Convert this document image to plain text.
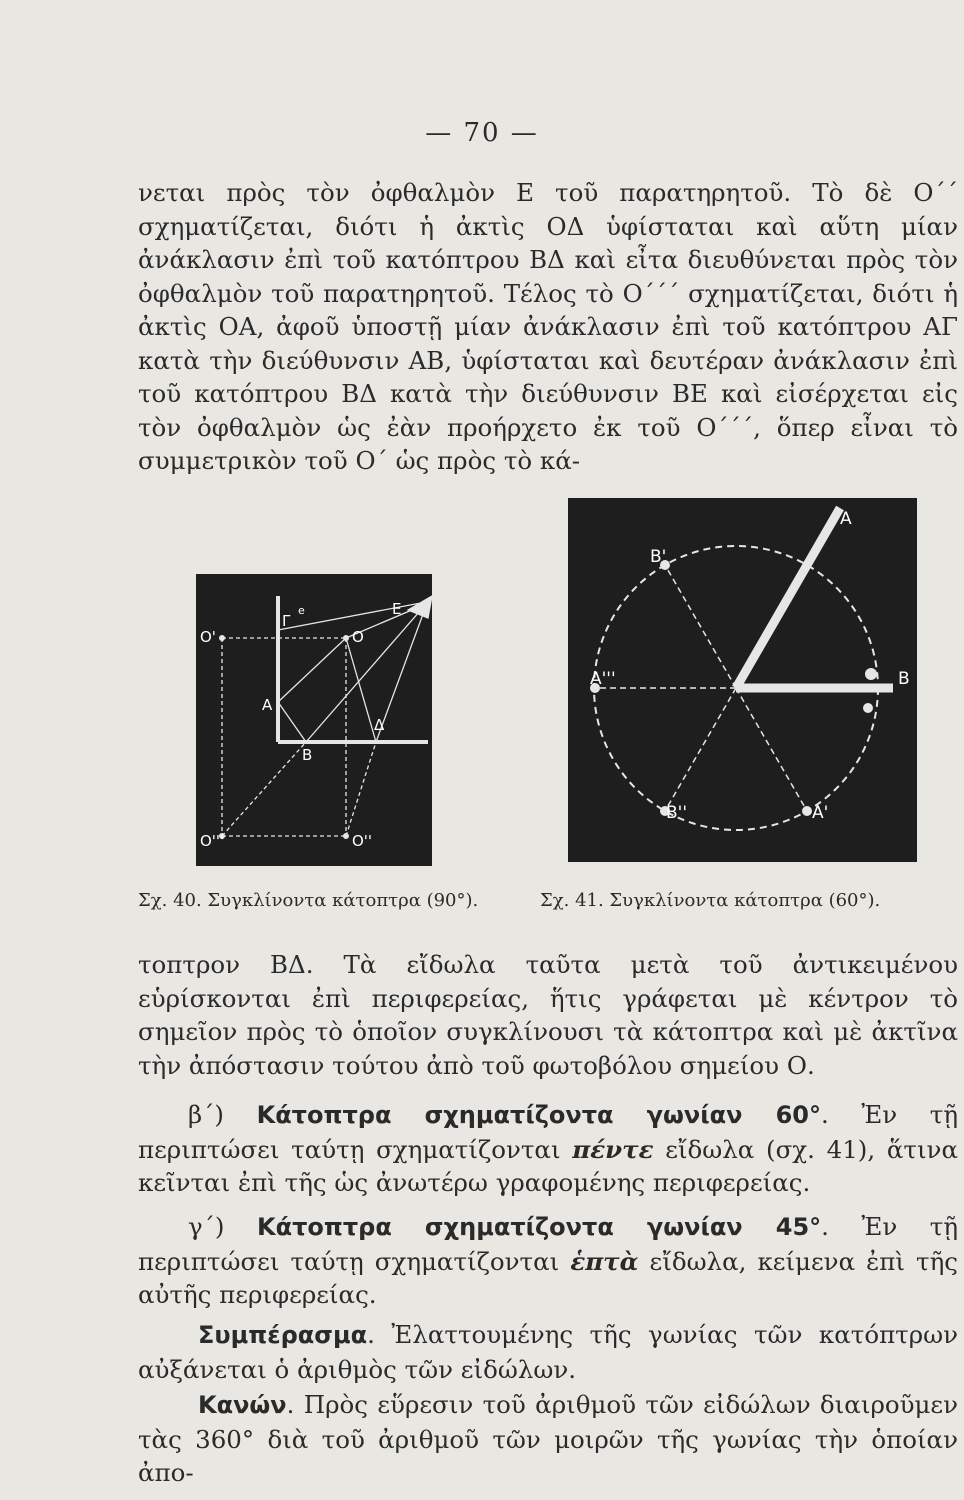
— 70 —

νεται πρὸς τὸν ὀφθαλμὸν Ε τοῦ παρατηρητοῦ. Τὸ δὲ Ο΄΄ σχηματίζεται, διότι ἡ ἀκτὶς ΟΔ ὑφίσταται καὶ αὕτη μίαν ἀνάκλασιν ἐπὶ τοῦ κατόπτρου ΒΔ καὶ εἶτα διευθύνεται πρὸς τὸν ὀφθαλμὸν τοῦ παρατηρητοῦ. Τέλος τὸ Ο΄΄΄ σχηματίζεται, διότι ἡ ἀκτὶς ΟΑ, ἀφοῦ ὑποστῇ μίαν ἀνάκλασιν ἐπὶ τοῦ κατόπτρου ΑΓ κατὰ τὴν διεύθυνσιν ΑΒ, ὑφίσταται καὶ δευτέραν ἀνάκλασιν ἐπὶ τοῦ κατόπτρου ΒΔ κατὰ τὴν διεύθυνσιν ΒΕ καὶ εἰσέρχεται εἰς τὸν ὀφθαλμὸν ὡς ἐὰν προήρχετο ἐκ τοῦ Ο΄΄΄, ὅπερ εἶναι τὸ συμμετρικὸν τοῦ Ο΄ ὡς πρὸς τὸ κά-

O
O'
O'''	O''
A
B
Γ
Δ
E
e
A
B
B'
A'''
B''	A'
Σχ. 40. Συγκλίνοντα κάτοπτρα (90°).	Σχ. 41. Συγκλίνοντα κάτοπτρα (60°).

τοπτρον ΒΔ. Τὰ εἴδωλα ταῦτα μετὰ τοῦ ἀντικειμένου εὑρίσκονται ἐπὶ περιφερείας, ἥτις γράφεται μὲ κέντρον τὸ σημεῖον πρὸς τὸ ὁποῖον συγκλίνουσι τὰ κάτοπτρα καὶ μὲ ἀκτῖνα τὴν ἀπόστασιν τούτου ἀπὸ τοῦ φωτοβόλου σημείου Ο.

β΄) Κάτοπτρα σχηματίζοντα γωνίαν 60°. Ἐν τῇ περιπτώσει ταύτῃ σχηματίζονται πέντε εἴδωλα (σχ. 41), ἅτινα κεῖνται ἐπὶ τῆς ὡς ἀνωτέρω γραφομένης περιφερείας.

γ΄) Κάτοπτρα σχηματίζοντα γωνίαν 45°. Ἐν τῇ περιπτώσει ταύτῃ σχηματίζονται ἑπτὰ εἴδωλα, κείμενα ἐπὶ τῆς αὐτῆς περιφερείας.

Συμπέρασμα. Ἐλαττουμένης τῆς γωνίας τῶν κατόπτρων αὐξάνεται ὁ ἀριθμὸς τῶν εἰδώλων.

Κανών. Πρὸς εὕρεσιν τοῦ ἀριθμοῦ τῶν εἰδώλων διαιροῦμεν τὰς 360° διὰ τοῦ ἀριθμοῦ τῶν μοιρῶν τῆς γωνίας τὴν ὁποίαν ἀπο-
